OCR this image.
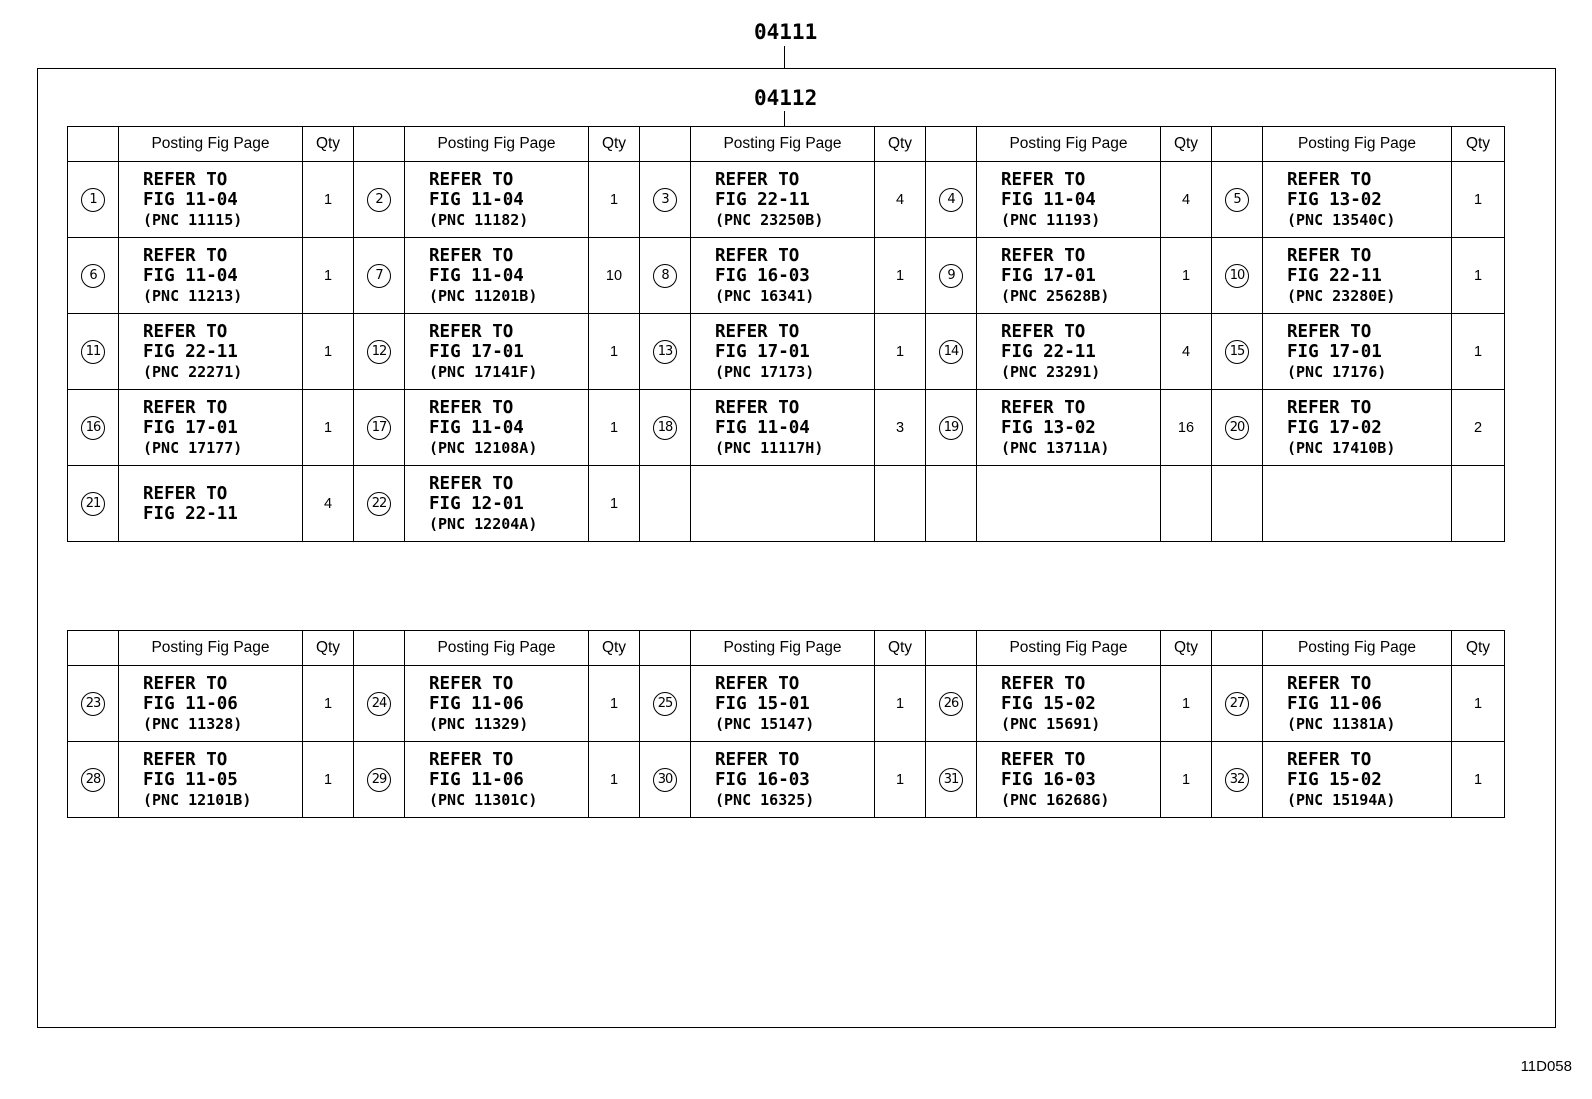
04111
04112
	Posting Fig Page	Qty		Posting Fig Page	Qty		Posting Fig Page	Qty		Posting Fig Page	Qty		Posting Fig Page	Qty
1	REFER TO
FIG 11-04
(PNC 11115)	1	2	REFER TO
FIG 11-04
(PNC 11182)	1	3	REFER TO
FIG 22-11
(PNC 23250B)	4	4	REFER TO
FIG 11-04
(PNC 11193)	4	5	REFER TO
FIG 13-02
(PNC 13540C)	1
6	REFER TO
FIG 11-04
(PNC 11213)	1	7	REFER TO
FIG 11-04
(PNC 11201B)	10	8	REFER TO
FIG 16-03
(PNC 16341)	1	9	REFER TO
FIG 17-01
(PNC 25628B)	1	10	REFER TO
FIG 22-11
(PNC 23280E)	1
11	REFER TO
FIG 22-11
(PNC 22271)	1	12	REFER TO
FIG 17-01
(PNC 17141F)	1	13	REFER TO
FIG 17-01
(PNC 17173)	1	14	REFER TO
FIG 22-11
(PNC 23291)	4	15	REFER TO
FIG 17-01
(PNC 17176)	1
16	REFER TO
FIG 17-01
(PNC 17177)	1	17	REFER TO
FIG 11-04
(PNC 12108A)	1	18	REFER TO
FIG 11-04
(PNC 11117H)	3	19	REFER TO
FIG 13-02
(PNC 13711A)	16	20	REFER TO
FIG 17-02
(PNC 17410B)	2
21	REFER TO
FIG 22-11	4	22	REFER TO
FIG 12-01
(PNC 12204A)	1									
	Posting Fig Page	Qty		Posting Fig Page	Qty		Posting Fig Page	Qty		Posting Fig Page	Qty		Posting Fig Page	Qty
23	REFER TO
FIG 11-06
(PNC 11328)	1	24	REFER TO
FIG 11-06
(PNC 11329)	1	25	REFER TO
FIG 15-01
(PNC 15147)	1	26	REFER TO
FIG 15-02
(PNC 15691)	1	27	REFER TO
FIG 11-06
(PNC 11381A)	1
28	REFER TO
FIG 11-05
(PNC 12101B)	1	29	REFER TO
FIG 11-06
(PNC 11301C)	1	30	REFER TO
FIG 16-03
(PNC 16325)	1	31	REFER TO
FIG 16-03
(PNC 16268G)	1	32	REFER TO
FIG 15-02
(PNC 15194A)	1
11D058
